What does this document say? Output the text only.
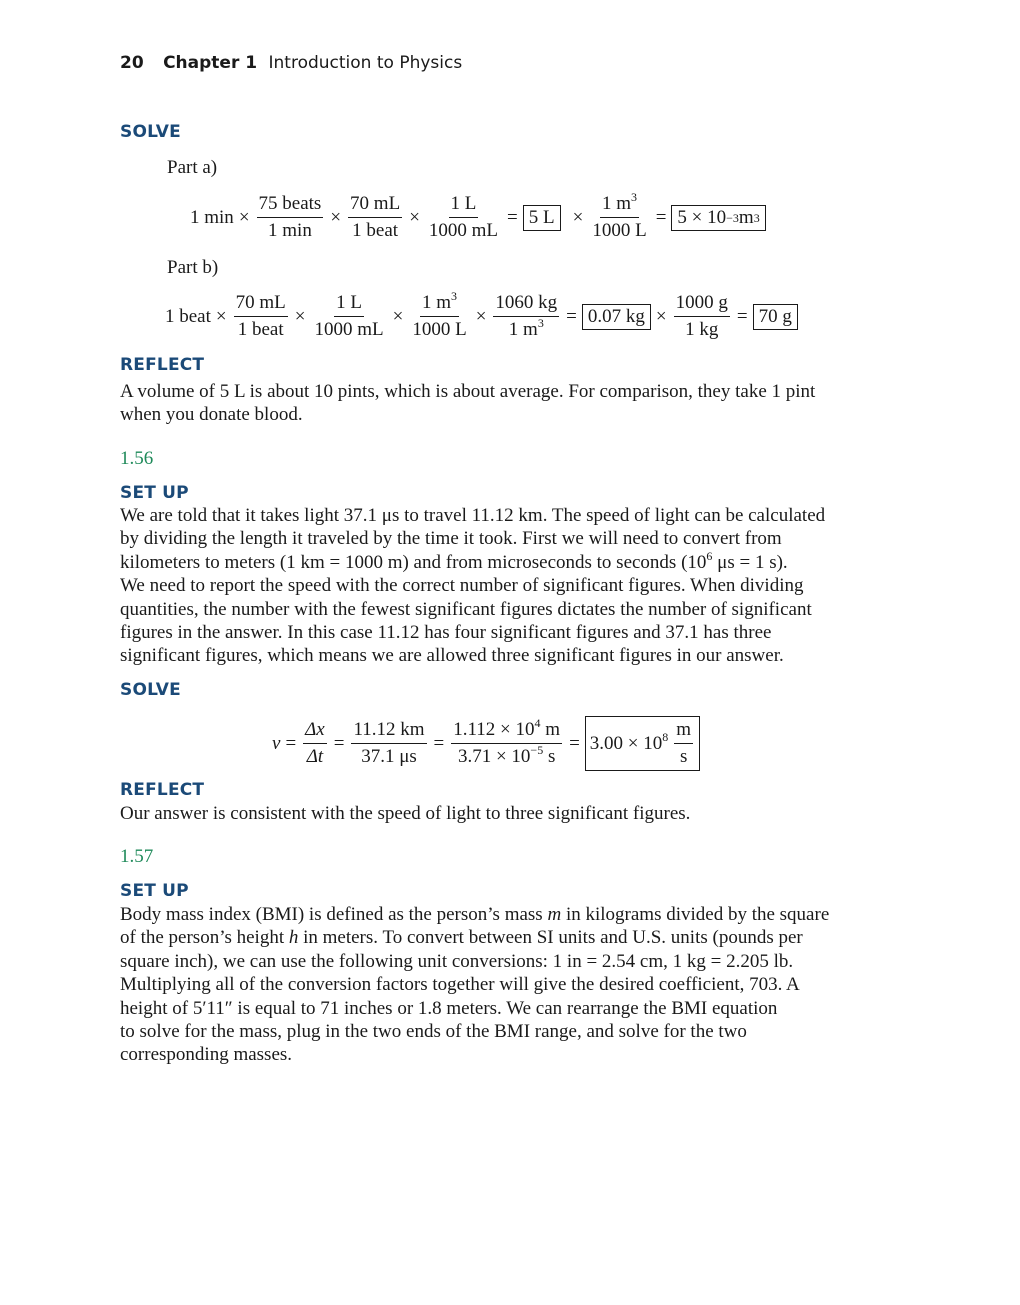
20 Chapter 1 Introduction to Physics
SOLVE
Part a)
1 $\min \times \frac{\text{75 beats}}{1 \min} \times \frac{70 mL}{\text{1 beat}} \times \frac{1 L}{1000 mL} = 5$ $L \times \frac{1 m^3}{1000 L} = 5 \times 10 -3$ m 3
Part b)
1 beat × $\frac{70 mL}{\text{1 beat}} \times \frac{1 L}{1000 mL} \times \frac{1 m^3}{1000 L} \times \frac{1060 kg}{1 m^3} = 0.07$ kg × $\frac{1000 g}{1 kg} = 70$ g
REFLECT
A volume of 5 L is about 10 pints, which is about average. For comparison, they take 1 pint
when you donate blood.
1.56
SET UP
We are told that it takes light 37.1 μs to travel 11.12 km. The speed of light can be calculated
by dividing the length it traveled by the time it took. First we will need to convert from
kilometers to meters (1 km = 1000 m) and from microseconds to seconds ($10^6$ μs = 1 s).
We need to report the speed with the correct number of significant figures. When dividing
quantities, the number with the fewest significant figures dictates the number of significant
figures in the answer. In this case 11.12 has four significant figures and 37.1 has three
significant figures, which means we are allowed three significant figures in our answer.
SOLVE
$v = \frac{\Delta x}{\Delta t} = \frac{11.12 km}{37.1 \mu s} = \frac{1.112 \times 10^4 m}{3.71 \times 10^{-5} s} = 3.00 \times 10^8 \frac{m}{s}$
REFLECT
Our answer is consistent with the speed of light to three significant figures.
1.57
SET UP
Body mass index (BMI) is defined as the person’s mass m in kilograms divided by the square
of the person’s height h in meters. To convert between SI units and U.S. units (pounds per
square inch), we can use the following unit conversions: 1 in = 2.54 cm, 1 kg = 2.205 lb.
Multiplying all of the conversion factors together will give the desired coefficient, 703. A
height of 5′11″ is equal to 71 inches or 1.8 meters. We can rearrange the BMI equation
to solve for the mass, plug in the two ends of the BMI range, and solve for the two
corresponding masses.
